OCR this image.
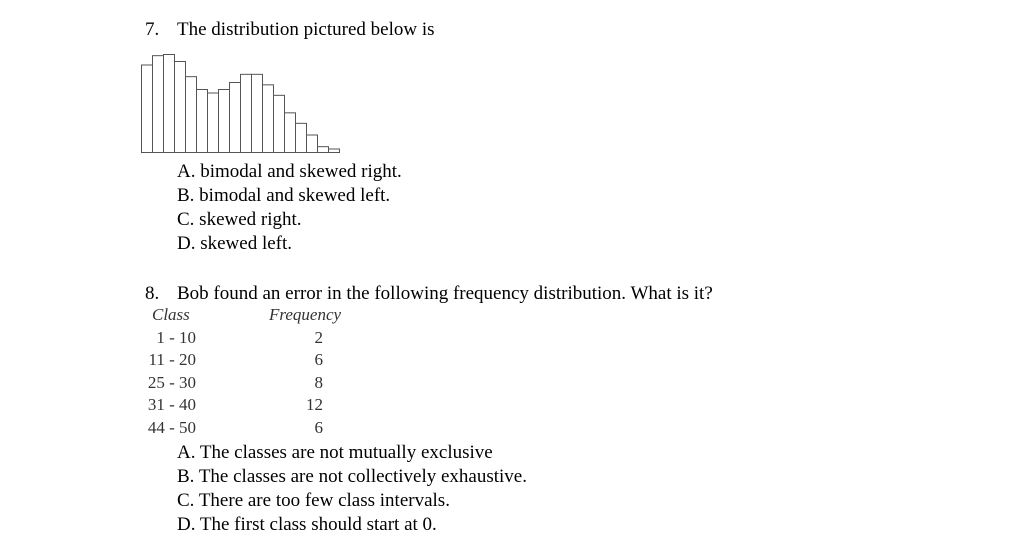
7. The distribution pictured below is
A. bimodal and skewed right.
B. bimodal and skewed left.
C. skewed right.
D. skewed left.
8. Bob found an error in the following frequency distribution. What is it?
Class	Frequency
1 - 10	2
11 - 20	6
25 - 30	8
31 - 40	12
44 - 50	6
A. The classes are not mutually exclusive
B. The classes are not collectively exhaustive.
C. There are too few class intervals.
D. The first class should start at 0.
